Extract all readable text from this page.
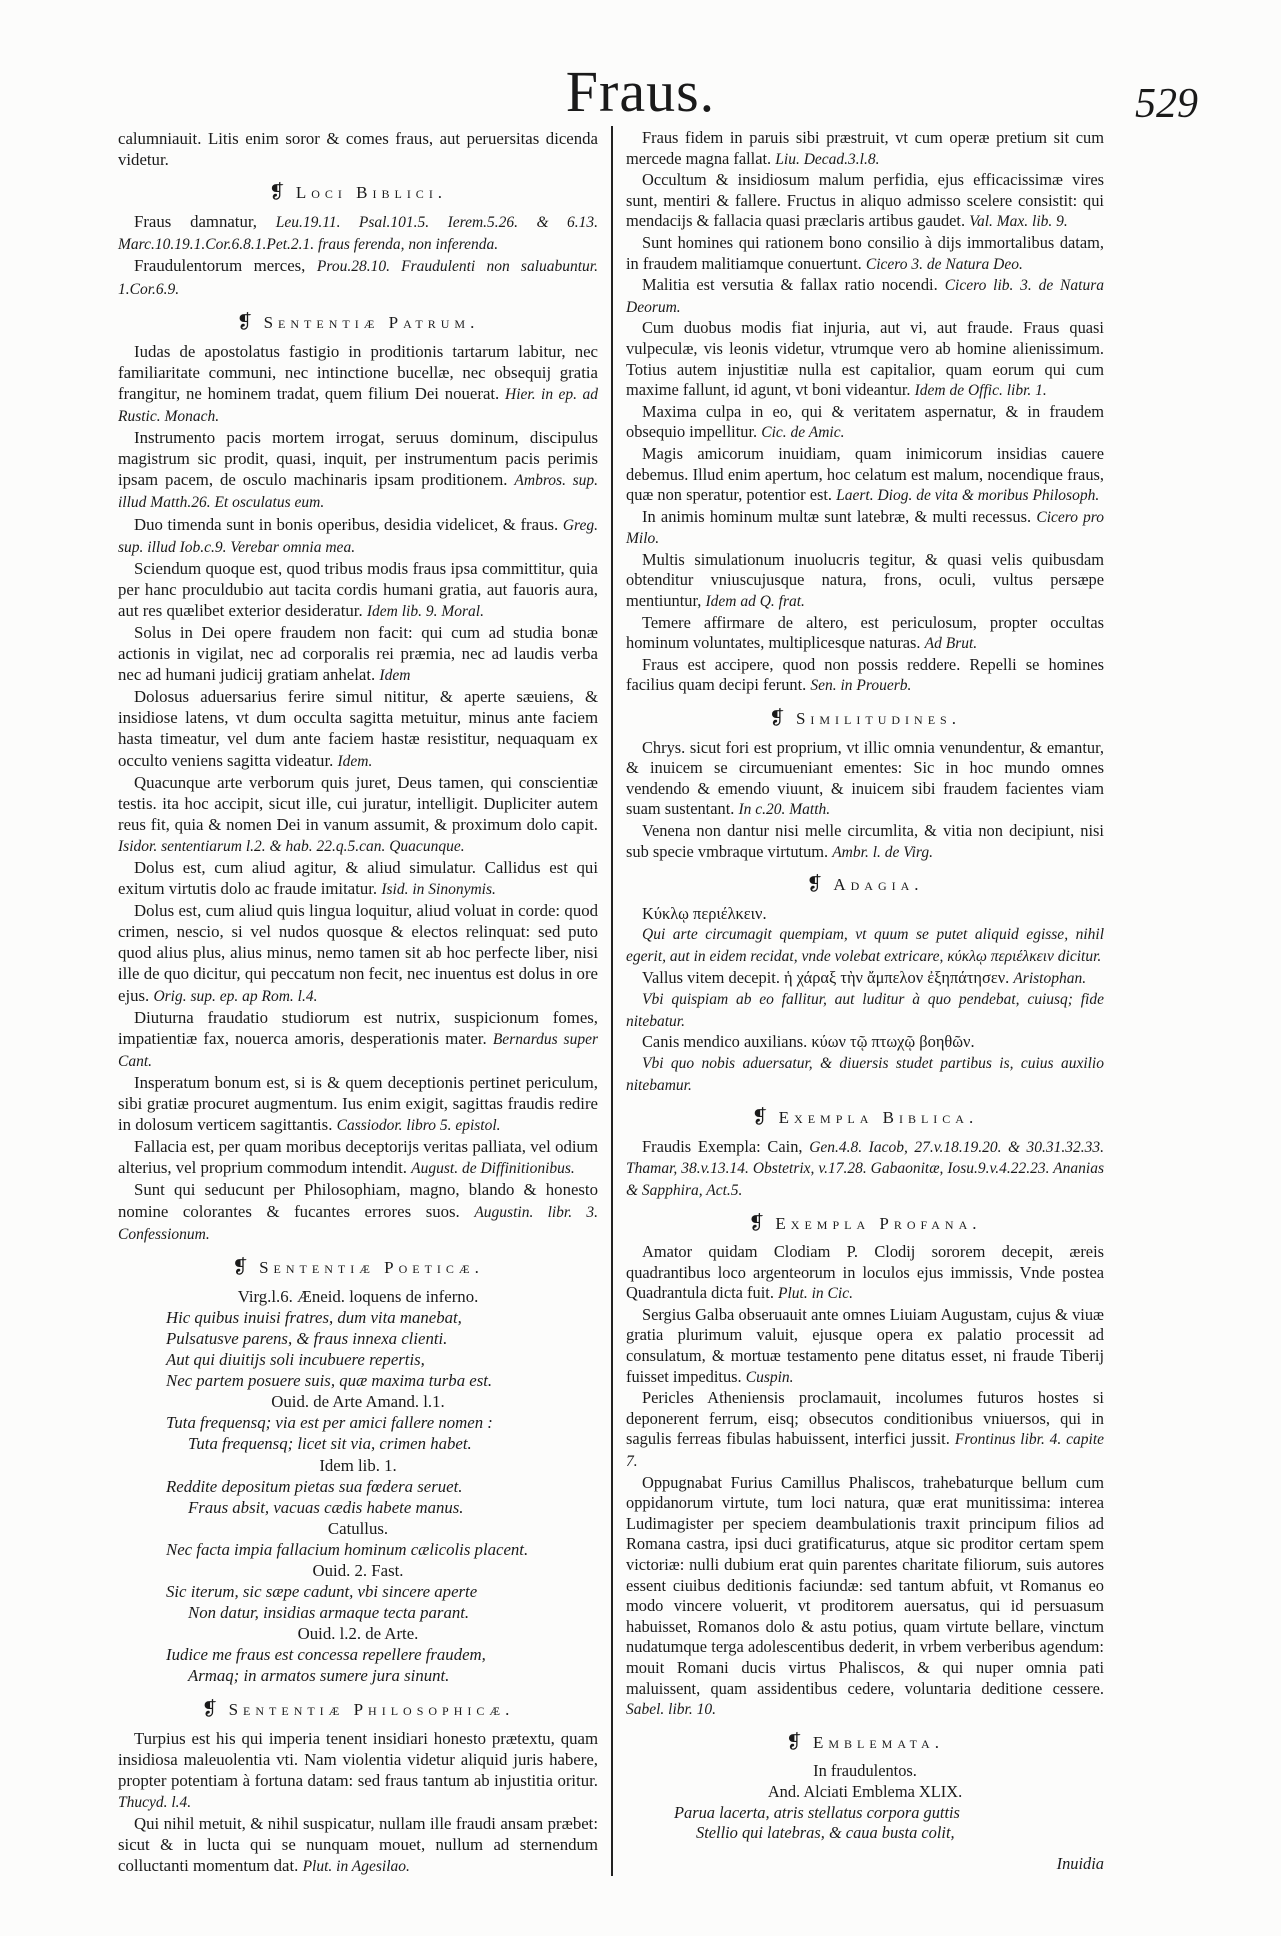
Fraus.	529

calumniauit. Litis enim soror & comes fraus, aut peruersitas dicenda videtur.

❡ Loci Biblici.

Fraus damnatur, Leu.19.11. Psal.101.5. Ierem.5.26. & 6.13. Marc.10.19.1.Cor.6.8.1.Pet.2.1. fraus ferenda, non inferenda.

Fraudulentorum merces, Prou.28.10. Fraudulenti non saluabuntur. 1.Cor.6.9.

❡ Sententiæ Patrum.

Iudas de apostolatus fastigio in proditionis tartarum labitur, nec familiaritate communi, nec intinctione bucellæ, nec obsequij gratia frangitur, ne hominem tradat, quem filium Dei nouerat. Hier. in ep. ad Rustic. Monach.

Instrumento pacis mortem irrogat, seruus dominum, discipulus magistrum sic prodit, quasi, inquit, per instrumentum pacis perimis ipsam pacem, de osculo machinaris ipsam proditionem. Ambros. sup. illud Matth.26. Et osculatus eum.

Duo timenda sunt in bonis operibus, desidia videlicet, & fraus. Greg. sup. illud Iob.c.9. Verebar omnia mea.

Sciendum quoque est, quod tribus modis fraus ipsa committitur, quia per hanc proculdubio aut tacita cordis humani gratia, aut fauoris aura, aut res quælibet exterior desideratur. Idem lib. 9. Moral.

Solus in Dei opere fraudem non facit: qui cum ad studia bonæ actionis in vigilat, nec ad corporalis rei præmia, nec ad laudis verba nec ad humani judicij gratiam anhelat. Idem

Dolosus aduersarius ferire simul nititur, & aperte sæuiens, & insidiose latens, vt dum occulta sagitta metuitur, minus ante faciem hasta timeatur, vel dum ante faciem hastæ resistitur, nequaquam ex occulto veniens sagitta videatur. Idem.

Quacunque arte verborum quis juret, Deus tamen, qui conscientiæ testis. ita hoc accipit, sicut ille, cui juratur, intelligit. Dupliciter autem reus fit, quia & nomen Dei in vanum assumit, & proximum dolo capit. Isidor. sententiarum l.2. & hab. 22.q.5.can. Quacunque.

Dolus est, cum aliud agitur, & aliud simulatur. Callidus est qui exitum virtutis dolo ac fraude imitatur. Isid. in Sinonymis.

Dolus est, cum aliud quis lingua loquitur, aliud voluat in corde: quod crimen, nescio, si vel nudos quosque & electos relinquat: sed puto quod alius plus, alius minus, nemo tamen sit ab hoc perfecte liber, nisi ille de quo dicitur, qui peccatum non fecit, nec inuentus est dolus in ore ejus. Orig. sup. ep. ap Rom. l.4.

Diuturna fraudatio studiorum est nutrix, suspicionum fomes, impatientiæ fax, nouerca amoris, desperationis mater. Bernardus super Cant.

Insperatum bonum est, si is & quem deceptionis pertinet periculum, sibi gratiæ procuret augmentum. Ius enim exigit, sagittas fraudis redire in dolosum verticem sagittantis. Cassiodor. libro 5. epistol.

Fallacia est, per quam moribus deceptorijs veritas palliata, vel odium alterius, vel proprium commodum intendit. August. de Diffinitionibus.

Sunt qui seducunt per Philosophiam, magno, blando & honesto nomine colorantes & fucantes errores suos. Augustin. libr. 3. Confessionum.

❡ Sententiæ Poeticæ.

Virg.l.6. Æneid. loquens de inferno.

Hic quibus inuisi fratres, dum vita manebat,

Pulsatusve parens, & fraus innexa clienti.

Aut qui diuitijs soli incubuere repertis,

Nec partem posuere suis, quæ maxima turba est.

Ouid. de Arte Amand. l.1.

Tuta frequensq; via est per amici fallere nomen :

Tuta frequensq; licet sit via, crimen habet.

Idem lib. 1.

Reddite depositum pietas sua fœdera seruet.

Fraus absit, vacuas cædis habete manus.

Catullus.

Nec facta impia fallacium hominum cælicolis placent.

Ouid. 2. Fast.

Sic iterum, sic sæpe cadunt, vbi sincere aperte

Non datur, insidias armaque tecta parant.

Ouid. l.2. de Arte.

Iudice me fraus est concessa repellere fraudem,

Armaq; in armatos sumere jura sinunt.

❡ Sententiæ Philosophicæ.

Turpius est his qui imperia tenent insidiari honesto prætextu, quam insidiosa maleuolentia vti. Nam violentia videtur aliquid juris habere, propter potentiam à fortuna datam: sed fraus tantum ab injustitia oritur. Thucyd. l.4.

Qui nihil metuit, & nihil suspicatur, nullam ille fraudi ansam præbet: sicut & in lucta qui se nunquam mouet, nullum ad sternendum colluctanti momentum dat. Plut. in Agesilao.

Fraus fidem in paruis sibi præstruit, vt cum operæ pretium sit cum mercede magna fallat. Liu. Decad.3.l.8.

Occultum & insidiosum malum perfidia, ejus efficacissimæ vires sunt, mentiri & fallere. Fructus in aliquo admisso scelere consistit: qui mendacijs & fallacia quasi præclaris artibus gaudet. Val. Max. lib. 9.

Sunt homines qui rationem bono consilio à dijs immortalibus datam, in fraudem malitiamque conuertunt. Cicero 3. de Natura Deo.

Malitia est versutia & fallax ratio nocendi. Cicero lib. 3. de Natura Deorum.

Cum duobus modis fiat injuria, aut vi, aut fraude. Fraus quasi vulpeculæ, vis leonis videtur, vtrumque vero ab homine alienissimum. Totius autem injustitiæ nulla est capitalior, quam eorum qui cum maxime fallunt, id agunt, vt boni videantur. Idem de Offic. libr. 1.

Maxima culpa in eo, qui & veritatem aspernatur, & in fraudem obsequio impellitur. Cic. de Amic.

Magis amicorum inuidiam, quam inimicorum insidias cauere debemus. Illud enim apertum, hoc celatum est malum, nocendique fraus, quæ non speratur, potentior est. Laert. Diog. de vita & moribus Philosoph.

In animis hominum multæ sunt latebræ, & multi recessus. Cicero pro Milo.

Multis simulationum inuolucris tegitur, & quasi velis quibusdam obtenditur vniuscujusque natura, frons, oculi, vultus persæpe mentiuntur, Idem ad Q. frat.

Temere affirmare de altero, est periculosum, propter occultas hominum voluntates, multiplicesque naturas. Ad Brut.

Fraus est accipere, quod non possis reddere. Repelli se homines facilius quam decipi ferunt. Sen. in Prouerb.

❡ Similitudines.

Chrys. sicut fori est proprium, vt illic omnia venundentur, & emantur, & inuicem se circumueniant ementes: Sic in hoc mundo omnes vendendo & emendo viuunt, & inuicem sibi fraudem facientes viam suam sustentant. In c.20. Matth.

Venena non dantur nisi melle circumlita, & vitia non decipiunt, nisi sub specie vmbraque virtutum. Ambr. l. de Virg.

❡ Adagia.

Κύκλῳ περιέλκειν.

Qui arte circumagit quempiam, vt quum se putet aliquid egisse, nihil egerit, aut in eidem recidat, vnde volebat extricare, κύκλῳ περιέλκειν dicitur.

Vallus vitem decepit. ἡ χάραξ τὴν ἄμπελον ἐξηπάτησεν. Aristophan.

Vbi quispiam ab eo fallitur, aut luditur à quo pendebat, cuiusq; fide nitebatur.

Canis mendico auxilians. κύων τῷ πτωχῷ βοηθῶν.

Vbi quo nobis aduersatur, & diuersis studet partibus is, cuius auxilio nitebamur.

❡ Exempla Biblica.

Fraudis Exempla: Cain, Gen.4.8. Iacob, 27.v.18.19.20. & 30.31.32.33. Thamar, 38.v.13.14. Obstetrix, v.17.28. Gabaonitæ, Iosu.9.v.4.22.23. Ananias & Sapphira, Act.5.

❡ Exempla Profana.

Amator quidam Clodiam P. Clodij sororem decepit, æreis quadrantibus loco argenteorum in loculos ejus immissis, Vnde postea Quadrantula dicta fuit. Plut. in Cic.

Sergius Galba obseruauit ante omnes Liuiam Augustam, cujus & viuæ gratia plurimum valuit, ejusque opera ex palatio processit ad consulatum, & mortuæ testamento pene ditatus esset, ni fraude Tiberij fuisset impeditus. Cuspin.

Pericles Atheniensis proclamauit, incolumes futuros hostes si deponerent ferrum, eisq; obsecutos conditionibus vniuersos, qui in sagulis ferreas fibulas habuissent, interfici jussit. Frontinus libr. 4. capite 7.

Oppugnabat Furius Camillus Phaliscos, trahebaturque bellum cum oppidanorum virtute, tum loci natura, quæ erat munitissima: interea Ludimagister per speciem deambulationis traxit principum filios ad Romana castra, ipsi duci gratificaturus, atque sic proditor certam spem victoriæ: nulli dubium erat quin parentes charitate filiorum, suis autores essent ciuibus deditionis faciundæ: sed tantum abfuit, vt Romanus eo modo vincere voluerit, vt proditorem auersatus, qui id persuasum habuisset, Romanos dolo & astu potius, quam virtute bellare, vinctum nudatumque terga adolescentibus dederit, in vrbem verberibus agendum: mouit Romani ducis virtus Phaliscos, & qui nuper omnia pati maluissent, quam assidentibus cedere, voluntaria deditione cessere. Sabel. libr. 10.

❡ Emblemata.

In fraudulentos.

And. Alciati Emblema XLIX.

Parua lacerta, atris stellatus corpora guttis

Stellio qui latebras, & caua busta colit,

Inuidia
